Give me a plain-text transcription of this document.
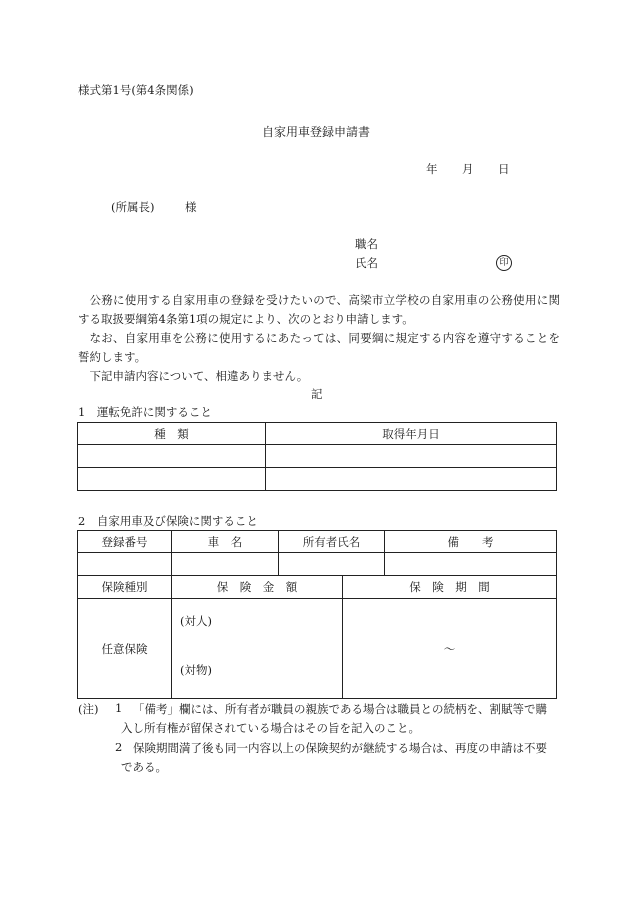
様式第1号(第4条関係)
自家用車登録申請書
年 月 日
(所属長)	様
職名
氏名	印
公務に使用する自家用車の登録を受けたいので、高梁市立学校の自家用車の公務使用に関する取扱要綱第4条第1項の規定により、次のとおり申請します。
なお、自家用車を公務に使用するにあたっては、同要綱に規定する内容を遵守することを誓約します。
下記申請内容について、相違ありません。
記
1　運転免許に関すること
種　類	取得年月日

2　自家用車及び保険に関すること
登録番号	車　名	所有者氏名		備　　考

保険種別	保　険　金　額		保　険　期　間	
任意保険	(対人)		～	
	(対物)			
(注) 1 「備考」欄には、所有者が職員の親族である場合は職員との続柄を、割賦等で購
入し所有権が留保されている場合はその旨を記入のこと。
2 保険期間満了後も同一内容以上の保険契約が継続する場合は、再度の申請は不要
である。
